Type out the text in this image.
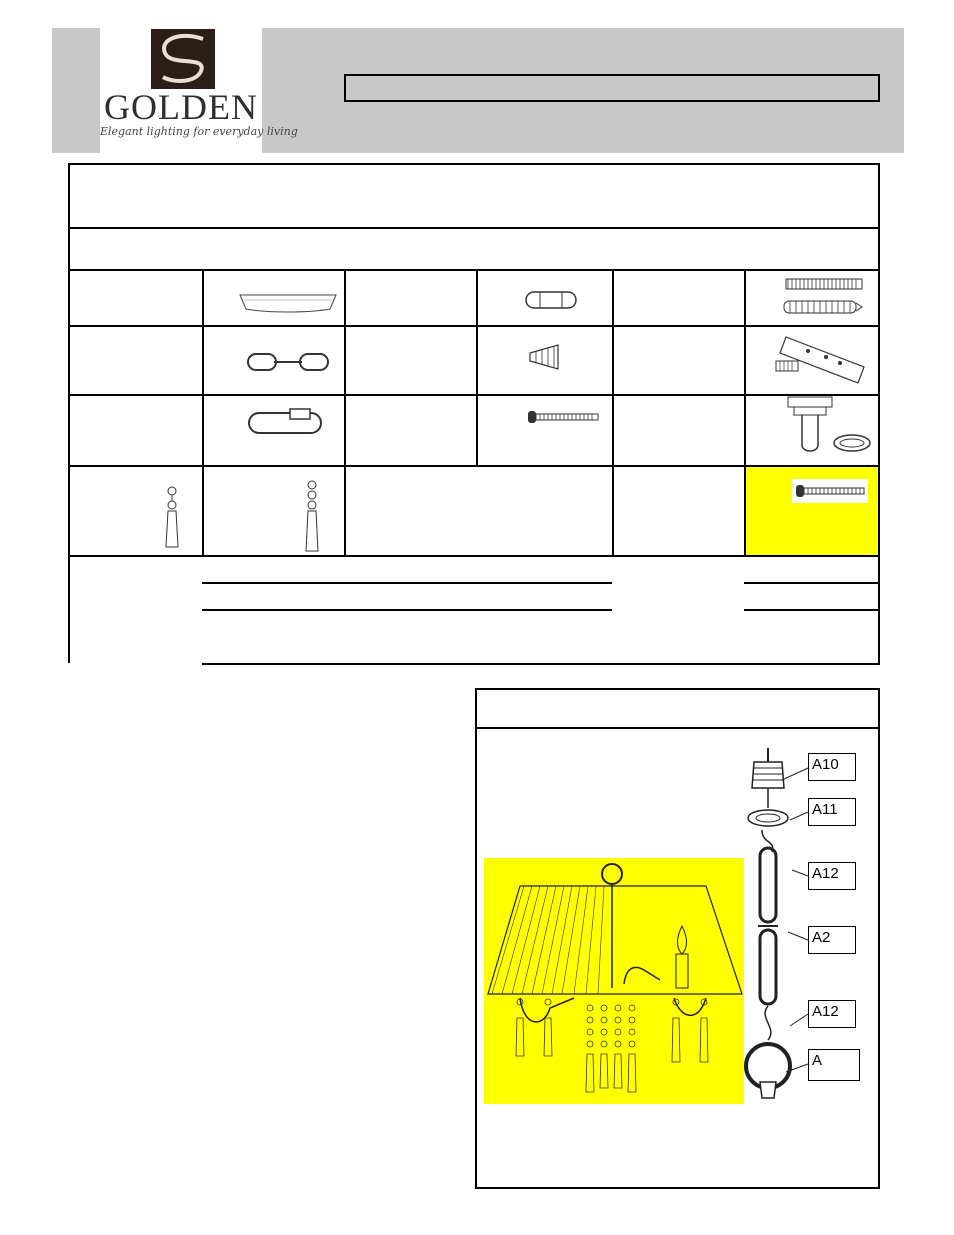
GOLDEN
Elegant lighting for everyday living
A10
A11
A12
A2
A12
A
